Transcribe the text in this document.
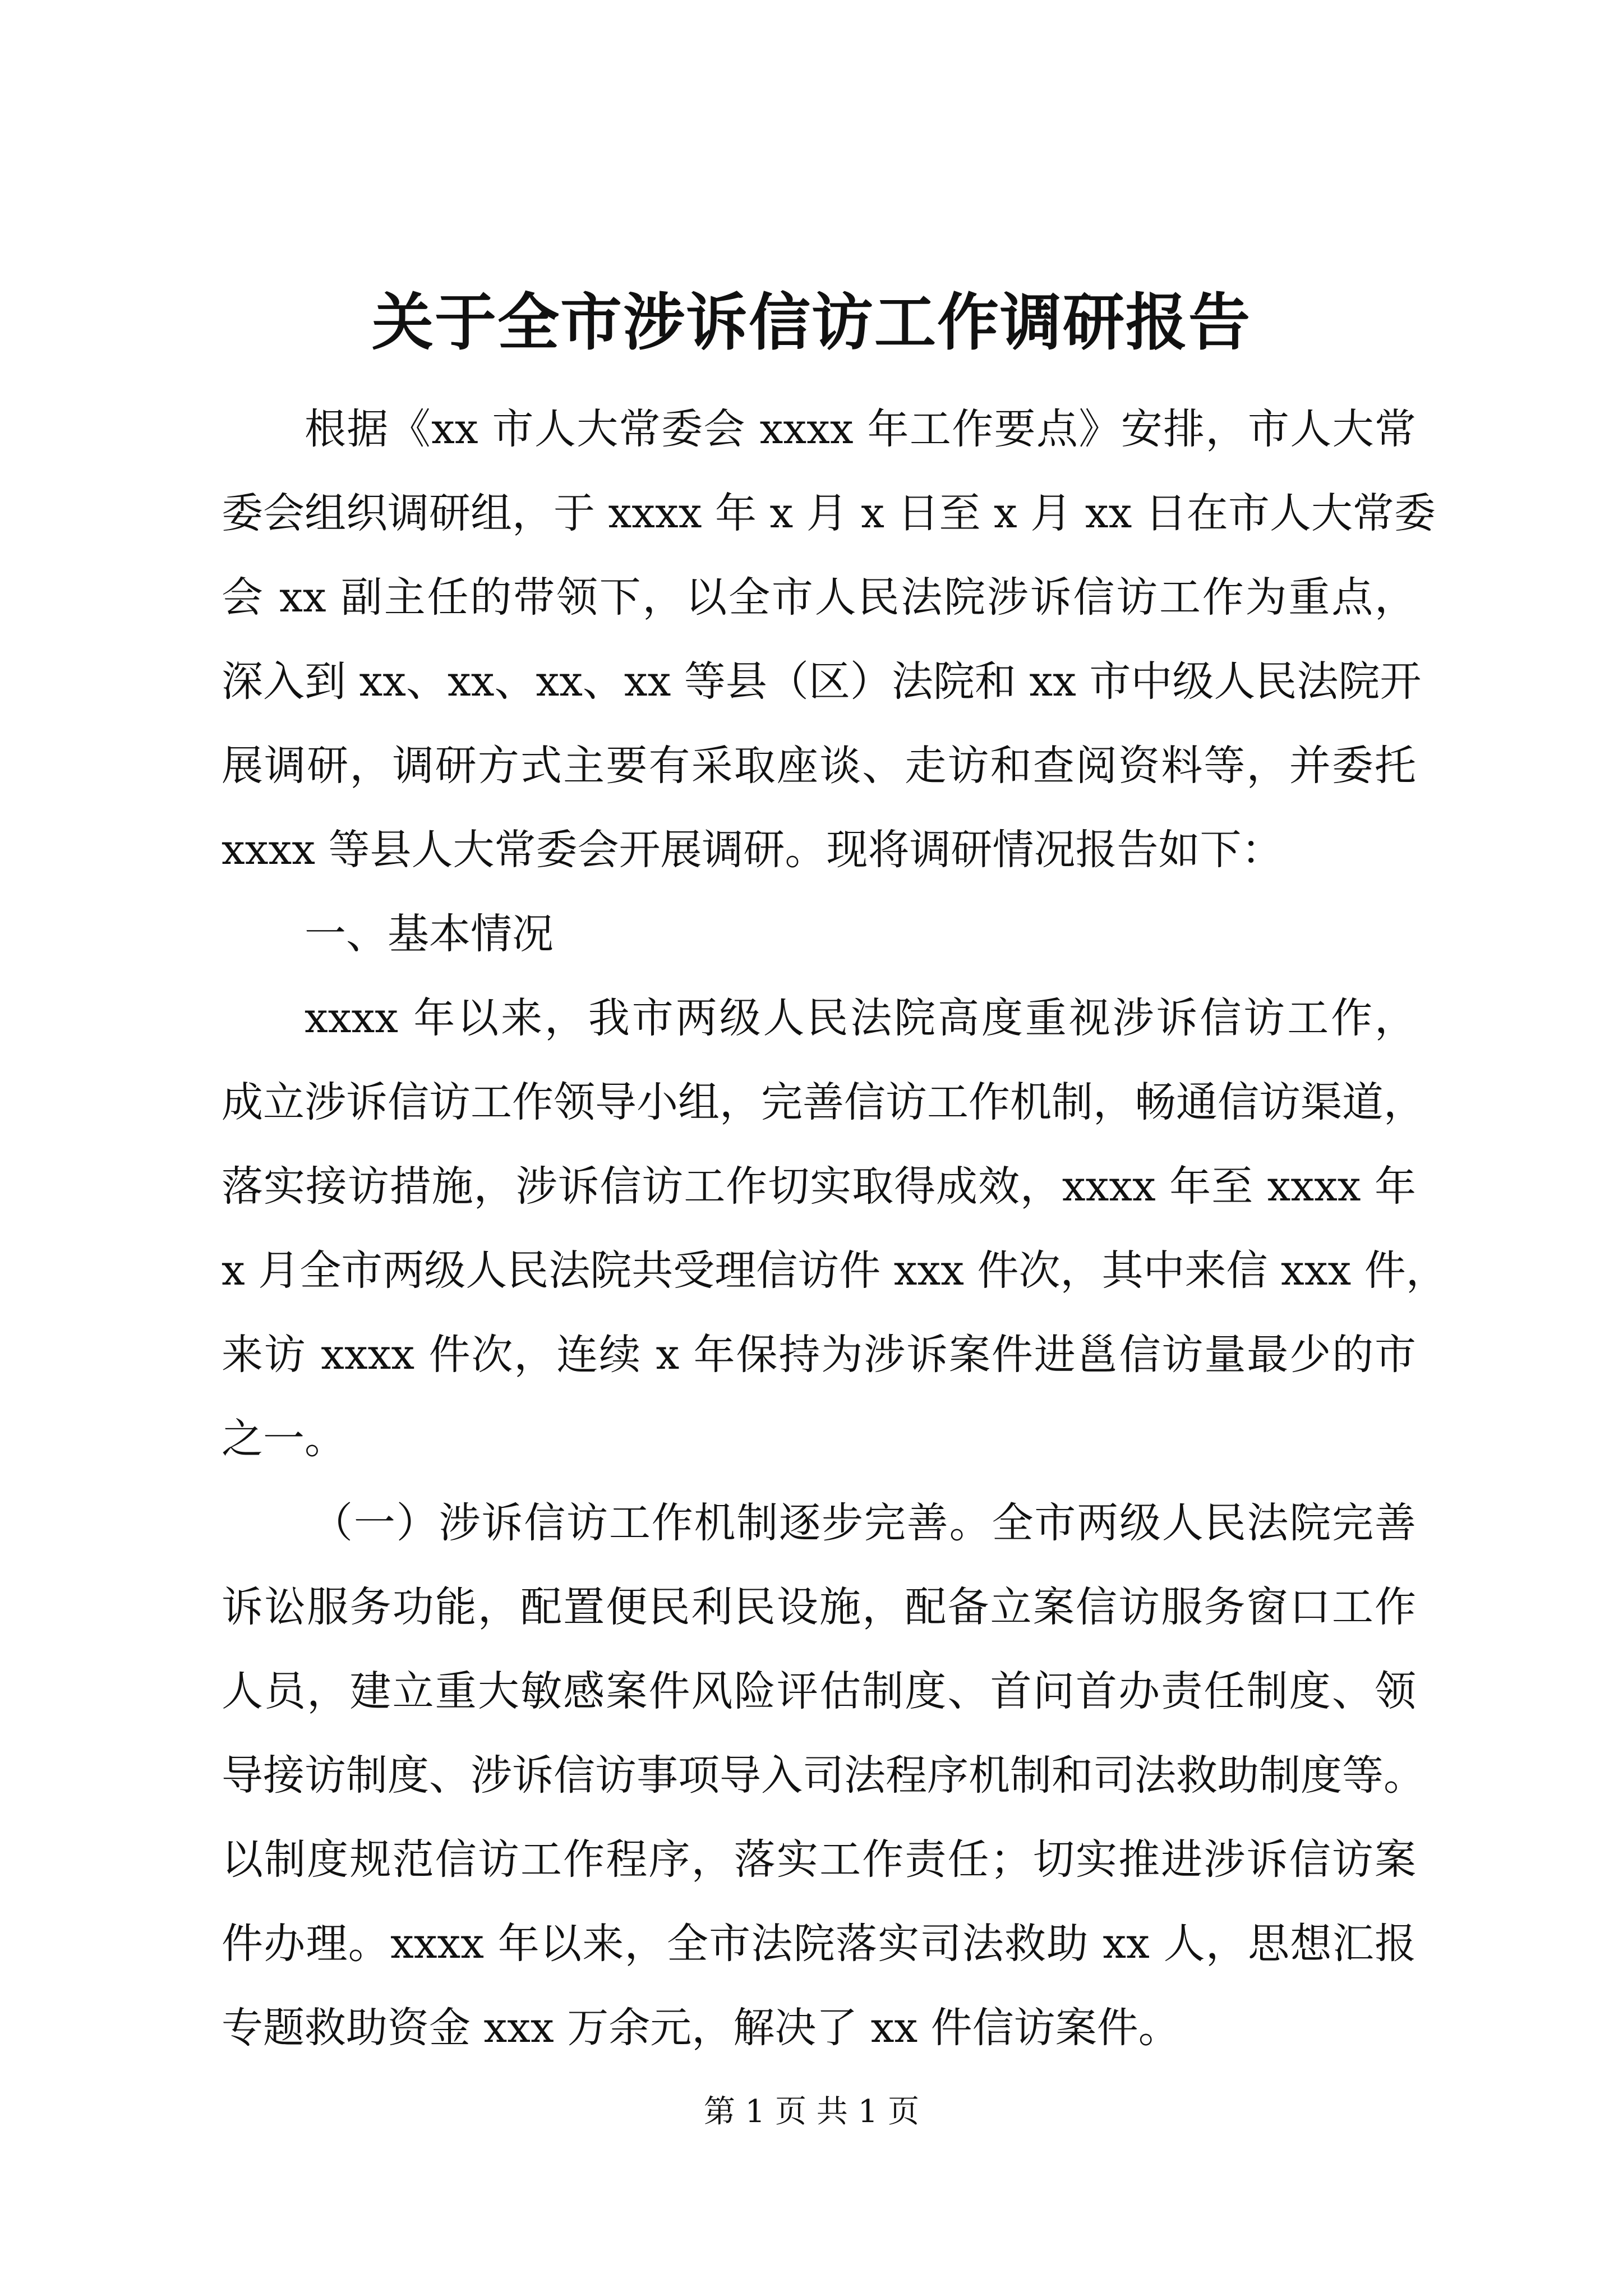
关于全市涉诉信访工作调研报告
根据《xx 市人大常委会 xxxx 年工作要点》安排，市人大常
委会组织调研组，于 xxxx 年 x 月 x 日至 x 月 xx 日在市人大常委
会 xx 副主任的带领下，以全市人民法院涉诉信访工作为重点，
深入到 xx、xx、xx、xx 等县（区）法院和 xx 市中级人民法院开
展调研，调研方式主要有采取座谈、走访和查阅资料等，并委托
xxxx 等县人大常委会开展调研。现将调研情况报告如下：
一、基本情况
xxxx 年以来，我市两级人民法院高度重视涉诉信访工作，
成立涉诉信访工作领导小组，完善信访工作机制，畅通信访渠道，
落实接访措施，涉诉信访工作切实取得成效，xxxx 年至 xxxx 年
x 月全市两级人民法院共受理信访件 xxx 件次，其中来信 xxx 件，
来访 xxxx 件次，连续 x 年保持为涉诉案件进邕信访量最少的市
之一。
（一）涉诉信访工作机制逐步完善。全市两级人民法院完善
诉讼服务功能，配置便民利民设施，配备立案信访服务窗口工作
人员，建立重大敏感案件风险评估制度、首问首办责任制度、领
导接访制度、涉诉信访事项导入司法程序机制和司法救助制度等。
以制度规范信访工作程序，落实工作责任；切实推进涉诉信访案
件办理。xxxx 年以来，全市法院落实司法救助 xx 人，思想汇报
专题救助资金 xxx 万余元，解决了 xx 件信访案件。
第 1 页 共 1 页
